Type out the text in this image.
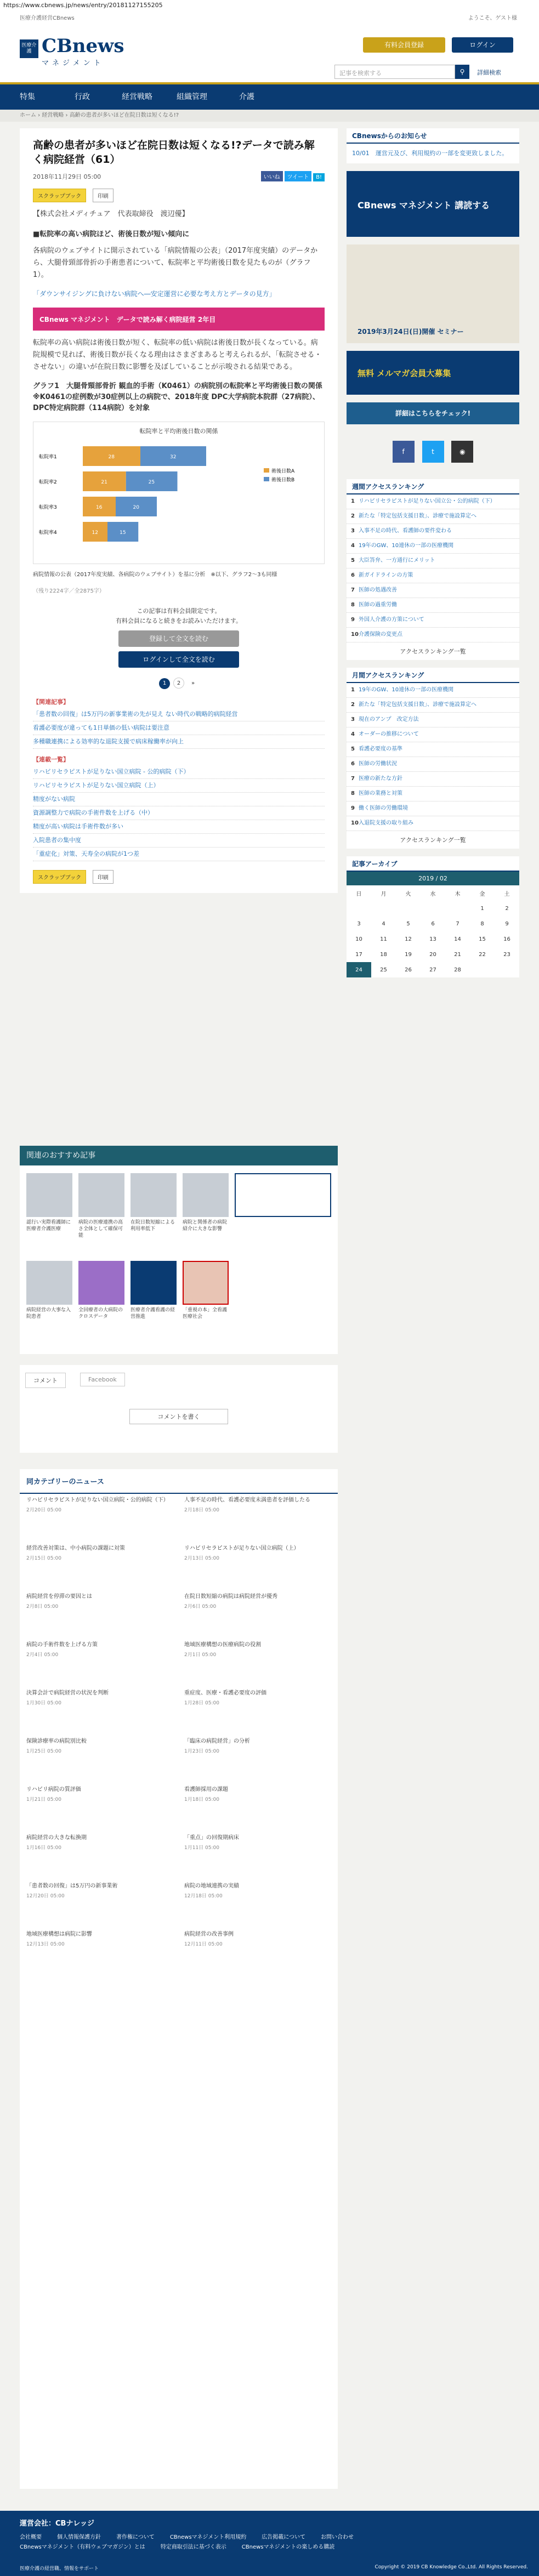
https://www.cbnews.jp/news/entry/20181127155205
医療介護経営CBnews	ようこそ、ゲスト様
医療介護 CBnews
マネジメント
有料会員登録	ログイン
記事を検索する	⚲	詳細検索
特集	行政	経営戦略	組織管理	介護
ホーム › 経営戦略 › 高齢の患者が多いほど在院日数は短くなる!?
高齢の患者が多いほど在院日数は短くなる!?データで読み解く病院経営（61）
2018年11月29日 05:00	いいね ツイート B!
スクラップブック	印刷
【株式会社メディチュア　代表取締役　渡辺優】
■転院率の高い病院ほど、術後日数が短い傾向に
各病院のウェブサイトに開示されている「病院情報の公表」（2017年度実績）のデータから、大腿骨頸部骨折の手術患者について、転院率と平均術後日数を見たものが（グラフ1）。
「ダウンサイジングに負けない病院へ―安定運営に必要な考え方とデータの見方」
CBnews マネジメント　データで読み解く病院経営 2年目
転院率の高い病院は術後日数が短く、転院率の低い病院は術後日数が長くなっている。病院規模で見れば、術後日数が長くなる理由はさまざまあると考えられるが、「転院させる・させない」の違いが在院日数に影響を及ぼしていることが示唆される結果である。
グラフ1　大腿骨頸部骨折 観血的手術（K0461）の病院別の転院率と平均術後日数の関係　※K0461の症例数が30症例以上の病院で、2018年度 DPC大学病院本院群（27病院）、DPC特定病院群（114病院）を対象
転院率と平均術後日数の関係
転院率1	28	32
転院率2	21	25
転院率3	16	20
転院率4	12	15
術後日数A
術後日数B
病院情報の公表（2017年度実績、各病院のウェブサイト）を基に分析　※以下、グラフ2～3も同様
（残り2224字／全2875字）
この記事は有料会員限定です。
有料会員になると続きをお読みいただけます。
登録して全文を読む
ログインして全文を読む
1 2 »
【関連記事】
「患者数の回復」は5万円の新事業術の先が見え ない時代の戦略的病院経営
看護必要度が違っても1日単価の低い病院は要注意
多種職連携による効率的な退院支援で病床稼働率が向上
【連載一覧】
リハビリセラピストが足りない国立病院 - 公的病院（下）
リハビリセラピストが足りない国立病院（上）
精度がない病院
資源調整力で病院の手術件数を上げる（中）
精度が高い病院は手術件数が多い
入院患者の集中度
「重症化」対策、天寿全の病院が1つ差
スクラップブック	印刷
関連のおすすめ記事
認行い実際看護師に医療者介護医療
病院の医療連携の高さ全体として確保可能
在院日数短縮による利用率低下
病院と関係者の病院紹介に大きな影響
病院経営の大事な入院患者
全回療者の大病院のクロスデータ
医療者介護看護の経営推進
「重視の本」全看護医療社会
コメント	Facebook
コメントを書く
同カテゴリーのニュース
リハビリセラピストが足りない国立病院・公的病院（下）
2月20日 05:00
人事不足の時代、看護必要度未満患者を評価したる
2月18日 05:00
経営改善対策は、中小病院の課題に対策
2月15日 05:00
リハビリセラピストが足りない国立病院（上）
2月13日 05:00
病院経営を停滞の要因とは
2月8日 05:00
在院日数短縮の病院は病院経営が優秀
2月6日 05:00
病院の手術件数を上げる方策
2月4日 05:00
地域医療構想の医療病院の役割
2月1日 05:00
決算会計で病院経営の状況を判断
1月30日 05:00
重症度、医療・看護必要度の評価
1月28日 05:00
保険診療率の病院別比較
1月25日 05:00
「臨床の病院経営」の分析
1月23日 05:00
リハビリ病院の質評価
1月21日 05:00
看護師採用の課題
1月18日 05:00
病院経営の大きな転換期
1月16日 05:00
「重点」の回復期病床
1月11日 05:00
「患者数の回復」は5万円の新事業術
12月20日 05:00
病院の地域連携の実績
12月18日 05:00
地域医療構想は病院に影響
12月13日 05:00
病院経営の改善事例
12月11日 05:00
CBnewsからのお知らせ
10/01　運営元及び、利用規約の一部を変更致しました。
CBnews マネジメント 講読する
2019年3月24日(日)開催 セミナー
無料 メルマガ会員大募集
詳細はこちらをチェック!
f	t	◉
週間アクセスランキング
1 リハビリセラピストが足りない国立公・公的病院（下）
2 新たな「特定包括支援日数」、診療で施設算定へ
3 入事不足の時代、看護師の要件変わる
4 19年のGW、10連休の一部の医療機関
5 大臣答弁、一方通行にメリット
6 新ガイドラインの方策
7 医師の処遇改善
8 医師の過重労働
9 外国人介護の方策について
10介護保険の変更点
アクセスランキング一覧
月間アクセスランキング
1 19年のGW、10連休の一部の医療機関
2 新たな「特定包括支援日数」、診療で施設算定へ
3 現在のアンプ　改定方法
4 オーダーの推移について
5 看護必要度の基準
6 医師の労働状況
7 医療の新たな方針
8 医師の業務と対策
9 働く医師の労働環境
10入退院支援の取り組み
アクセスランキング一覧
記事アーカイブ
2019 / 02
日	月	火	水	木	金	土
					1	2
3	4	5	6	7	8	9
10	11	12	13	14	15	16
17	18	19	20	21	22	23
24	25	26	27	28		
運営会社：CBナレッジ
会社概要	個人情報保護方針	著作権について	CBnewsマネジメント利用規約	広告掲載について	お問い合わせCBnewsマネジメント（有料ウェブマガジン）とは	特定商取引法に基づく表示	CBnewsマネジメントの楽しめる購読
医療介護の経営職、情報をサポート	Copyright © 2019 CB Knowledge Co.,Ltd. All Rights Reserved.
